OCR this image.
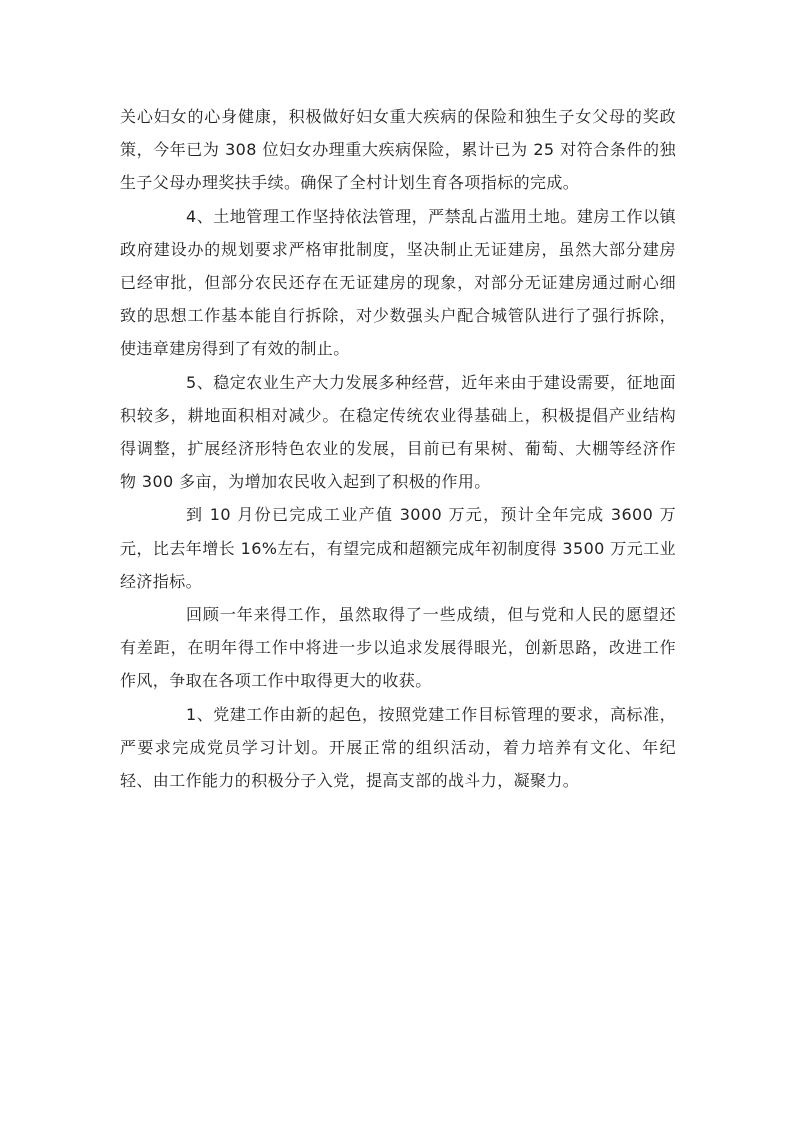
关心妇女的心身健康，积极做好妇女重大疾病的保险和独生子女父母的奖政策，今年已为 308 位妇女办理重大疾病保险，累计已为 25 对符合条件的独生子父母办理奖扶手续。确保了全村计划生育各项指标的完成。

4、土地管理工作坚持依法管理，严禁乱占滥用土地。建房工作以镇政府建设办的规划要求严格审批制度，坚决制止无证建房，虽然大部分建房已经审批，但部分农民还存在无证建房的现象，对部分无证建房通过耐心细致的思想工作基本能自行拆除，对少数强头户配合城管队进行了强行拆除，使违章建房得到了有效的制止。

5、稳定农业生产大力发展多种经营，近年来由于建设需要，征地面积较多，耕地面积相对减少。在稳定传统农业得基础上，积极提倡产业结构得调整，扩展经济形特色农业的发展，目前已有果树、葡萄、大棚等经济作物 300 多亩，为增加农民收入起到了积极的作用。

到 10 月份已完成工业产值 3000 万元，预计全年完成 3600 万元，比去年增长 16%左右，有望完成和超额完成年初制度得 3500 万元工业经济指标。

回顾一年来得工作，虽然取得了一些成绩，但与党和人民的愿望还有差距，在明年得工作中将进一步以追求发展得眼光，创新思路，改进工作作风，争取在各项工作中取得更大的收获。

1、党建工作由新的起色，按照党建工作目标管理的要求，高标准，严要求完成党员学习计划。开展正常的组织活动，着力培养有文化、年纪轻、由工作能力的积极分子入党，提高支部的战斗力，凝聚力。
